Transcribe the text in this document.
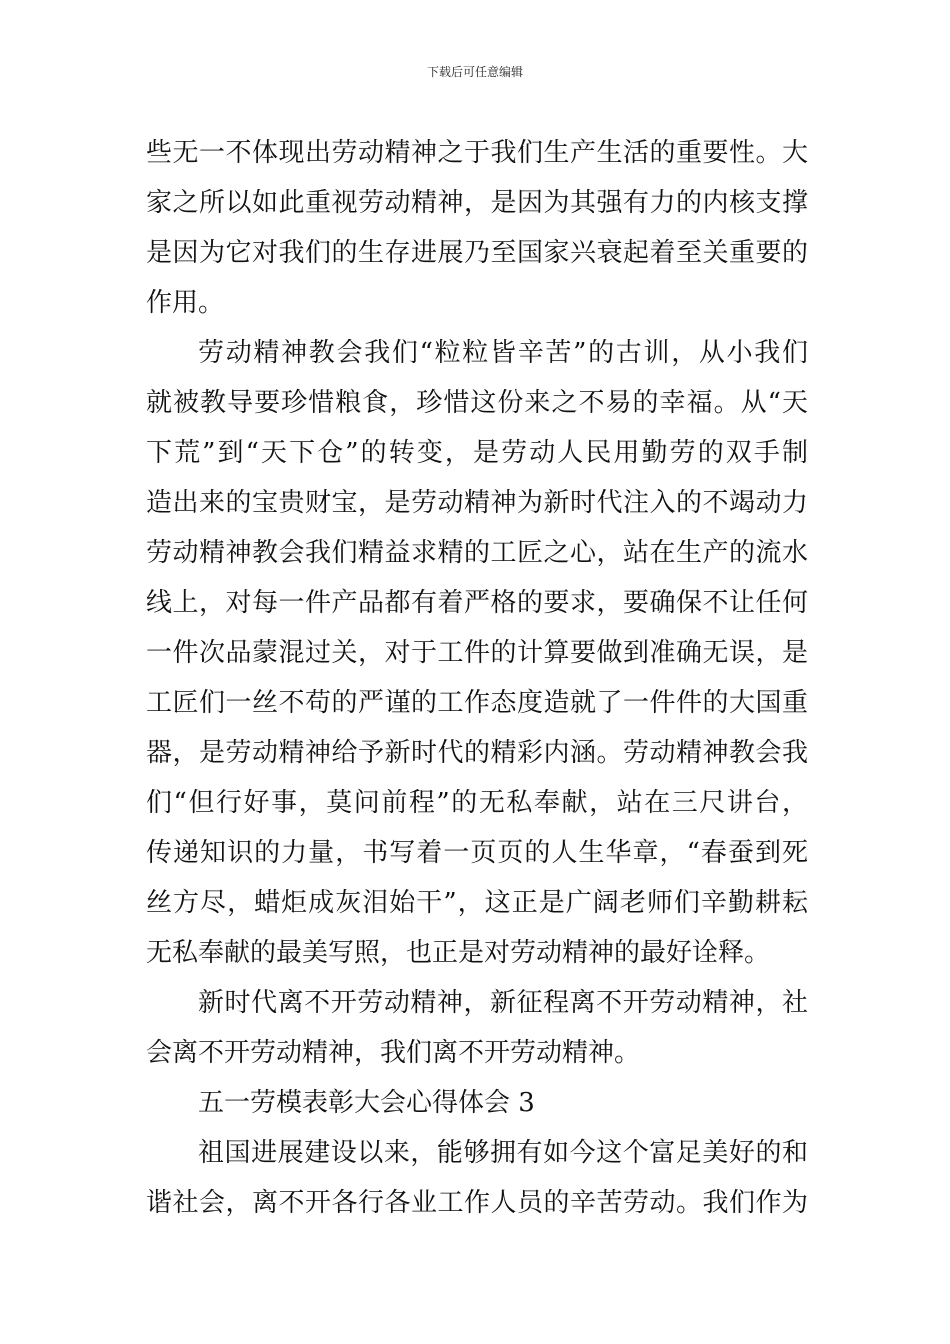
下载后可任意编辑
些无一不体现出劳动精神之于我们生产生活的重要性。大
家之所以如此重视劳动精神，是因为其强有力的内核支撑
是因为它对我们的生存进展乃至国家兴衰起着至关重要的
作用。
劳动精神教会我们“粒粒皆辛苦”的古训，从小我们
就被教导要珍惜粮食，珍惜这份来之不易的幸福。从“天
下荒”到“天下仓”的转变，是劳动人民用勤劳的双手制
造出来的宝贵财宝，是劳动精神为新时代注入的不竭动力
劳动精神教会我们精益求精的工匠之心，站在生产的流水
线上，对每一件产品都有着严格的要求，要确保不让任何
一件次品蒙混过关，对于工件的计算要做到准确无误，是
工匠们一丝不苟的严谨的工作态度造就了一件件的大国重
器，是劳动精神给予新时代的精彩内涵。劳动精神教会我
们“但行好事，莫问前程”的无私奉献，站在三尺讲台，
传递知识的力量，书写着一页页的人生华章，“春蚕到死
丝方尽，蜡炬成灰泪始干”，这正是广阔老师们辛勤耕耘
无私奉献的最美写照，也正是对劳动精神的最好诠释。
新时代离不开劳动精神，新征程离不开劳动精神，社
会离不开劳动精神，我们离不开劳动精神。
五一劳模表彰大会心得体会 3
祖国进展建设以来，能够拥有如今这个富足美好的和
谐社会，离不开各行各业工作人员的辛苦劳动。我们作为
